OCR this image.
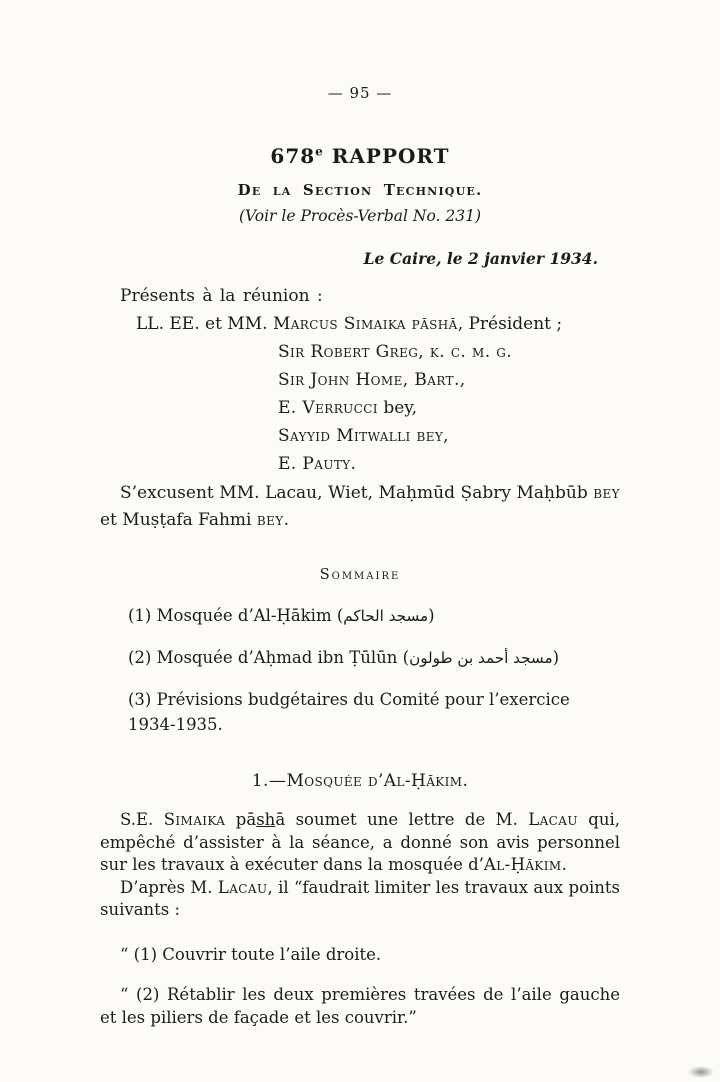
— 95 —
678e RAPPORT
De la Section Technique.
(Voir le Procès-Verbal No. 231)
Le Caire, le 2 janvier 1934.

Présents à la réunion :

LL. EE. et MM. Marcus Simaika pāshā, Président ;

Sir Robert Greg, k. c. m. g.

Sir John Home, Bart.,

E. Verrucci bey,

Sayyid Mitwalli bey,

E. Pauty.

S’excusent MM. Lacau, Wiet, Maḥmūd Ṣabry Maḥbūb bey et Muṣṭafa Fahmi bey.

Sommaire

(1) Mosquée d’Al-Ḥākim (مسجد الحاكم)

(2) Mosquée d’Aḥmad ibn Ṭūlūn (مسجد أحمد بن طولون)

(3) Prévisions budgétaires du Comité pour l’exercice 1934-1935.

1.—Mosquée d’Al-Ḥākim.

S.E. Simaika pāshā soumet une lettre de M. Lacau qui, empêché d’assister à la séance, a donné son avis personnel sur les travaux à exécuter dans la mosquée d’Al-Ḥākim.

D’après M. Lacau, il “faudrait limiter les travaux aux points suivants :

“ (1) Couvrir toute l’aile droite.

“ (2) Rétablir les deux premières travées de l’aile gauche et les piliers de façade et les couvrir.”
